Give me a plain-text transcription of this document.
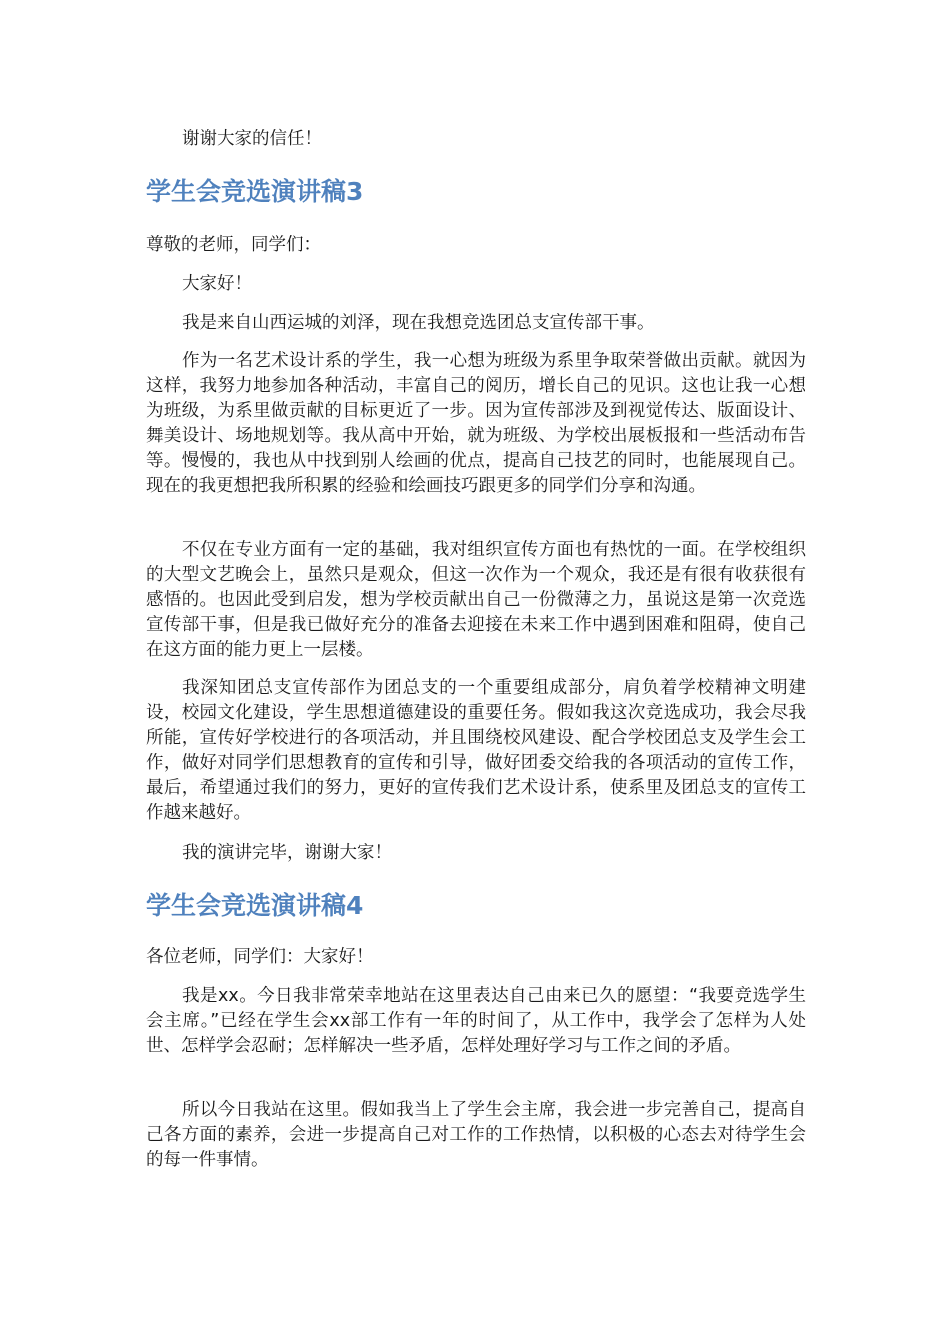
谢谢大家的信任！

学生会竞选演讲稿3

尊敬的老师，同学们：

大家好！

我是来自山西运城的刘泽，现在我想竞选团总支宣传部干事。

作为一名艺术设计系的学生，我一心想为班级为系里争取荣誉做出贡献。就因为这样，我努力地参加各种活动，丰富自己的阅历，增长自己的见识。这也让我一心想为班级，为系里做贡献的目标更近了一步。因为宣传部涉及到视觉传达、版面设计、舞美设计、场地规划等。我从高中开始，就为班级、为学校出展板报和一些活动布告等。慢慢的，我也从中找到别人绘画的优点，提高自己技艺的同时，也能展现自己。现在的我更想把我所积累的经验和绘画技巧跟更多的同学们分享和沟通。

不仅在专业方面有一定的基础，我对组织宣传方面也有热忱的一面。在学校组织的大型文艺晚会上，虽然只是观众，但这一次作为一个观众，我还是有很有收获很有感悟的。也因此受到启发，想为学校贡献出自己一份微薄之力，虽说这是第一次竞选宣传部干事，但是我已做好充分的准备去迎接在未来工作中遇到困难和阻碍，使自己在这方面的能力更上一层楼。

我深知团总支宣传部作为团总支的一个重要组成部分，肩负着学校精神文明建设，校园文化建设，学生思想道德建设的重要任务。假如我这次竞选成功，我会尽我所能，宣传好学校进行的各项活动，并且围绕校风建设、配合学校团总支及学生会工作，做好对同学们思想教育的宣传和引导，做好团委交给我的各项活动的宣传工作，最后，希望通过我们的努力，更好的宣传我们艺术设计系，使系里及团总支的宣传工作越来越好。

我的演讲完毕，谢谢大家！

学生会竞选演讲稿4

各位老师，同学们：大家好！

我是xx。今日我非常荣幸地站在这里表达自己由来已久的愿望：“我要竞选学生会主席。”已经在学生会xx部工作有一年的时间了，从工作中，我学会了怎样为人处世、怎样学会忍耐；怎样解决一些矛盾，怎样处理好学习与工作之间的矛盾。

所以今日我站在这里。假如我当上了学生会主席，我会进一步完善自己，提高自己各方面的素养，会进一步提高自己对工作的工作热情，以积极的心态去对待学生会的每一件事情。
